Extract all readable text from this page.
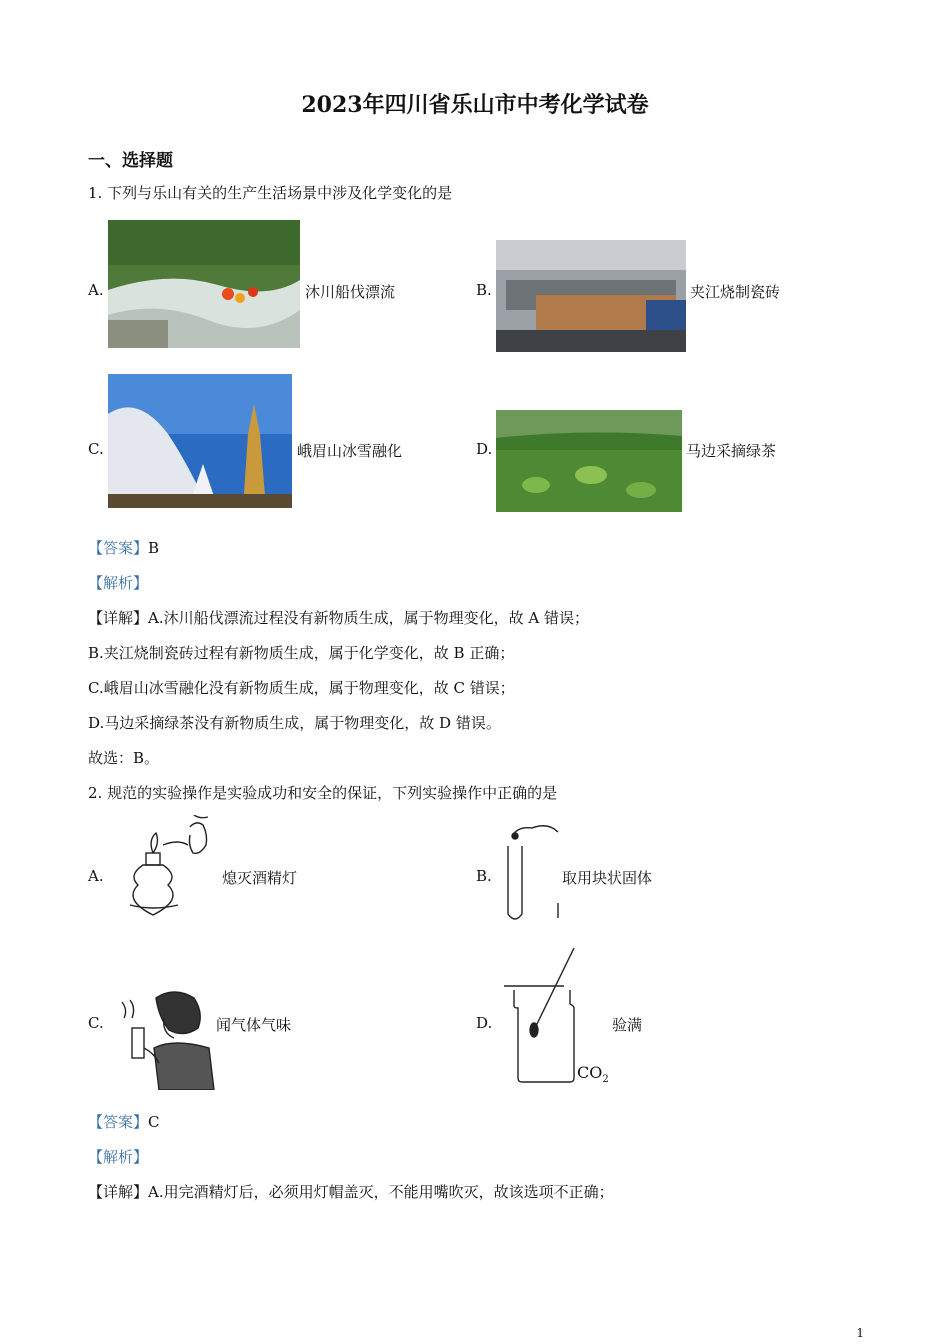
2023年四川省乐山市中考化学试卷
一、选择题
1. 下列与乐山有关的生产生活场景中涉及化学变化的是
A.	沐川船伐漂流	B.	夹江烧制瓷砖
C.	峨眉山冰雪融化	D.	马边采摘绿茶
【答案】B
【解析】
【详解】A.沐川船伐漂流过程没有新物质生成，属于物理变化，故 A 错误；
B.夹江烧制瓷砖过程有新物质生成，属于化学变化，故 B 正确；
C.峨眉山冰雪融化没有新物质生成，属于物理变化，故 C 错误；
D.马边采摘绿茶没有新物质生成，属于物理变化，故 D 错误。
故选：B。
2. 规范的实验操作是实验成功和安全的保证，下列实验操作中正确的是
A.	熄灭酒精灯	B.	取用块状固体
C.	闻气体气味	D.	验满
$CO_2$
【答案】C
【解析】
【详解】A.用完酒精灯后，必须用灯帽盖灭，不能用嘴吹灭，故该选项不正确；
1
